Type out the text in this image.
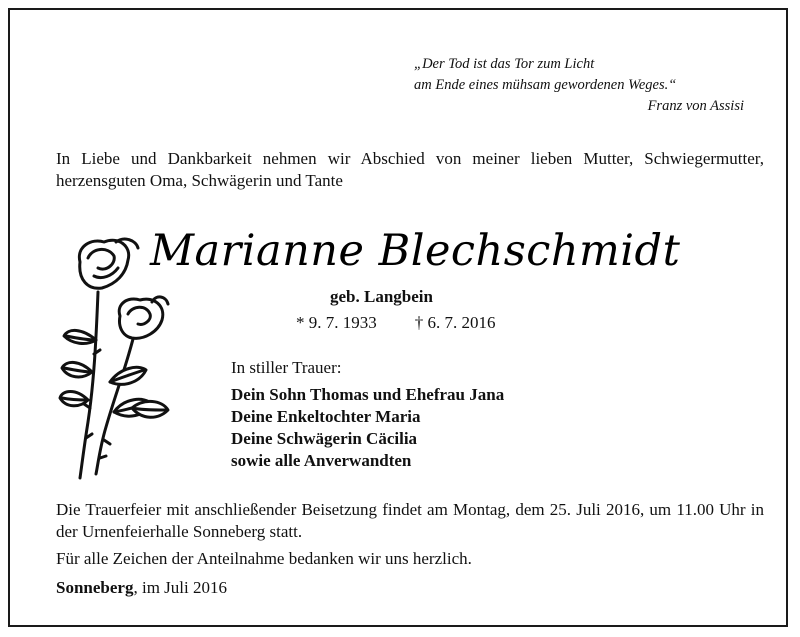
„Der Tod ist das Tor zum Licht
am Ende eines mühsam gewordenen Weges.“
Franz von Assisi
In Liebe und Dankbarkeit nehmen wir Abschied von meiner lieben Mutter, Schwiegermutter, herzensguten Oma, Schwägerin und Tante
Marianne Blechschmidt
geb. Langbein
* 9. 7. 1933 † 6. 7. 2016
In stiller Trauer:
Dein Sohn Thomas und Ehefrau Jana
Deine Enkeltochter Maria
Deine Schwägerin Cäcilia
sowie alle Anverwandten
Die Trauerfeier mit anschließender Beisetzung findet am Montag, dem 25. Juli 2016, um 11.00 Uhr in der Urnenfeierhalle Sonneberg statt.
Für alle Zeichen der Anteilnahme bedanken wir uns herzlich.
Sonneberg, im Juli 2016
